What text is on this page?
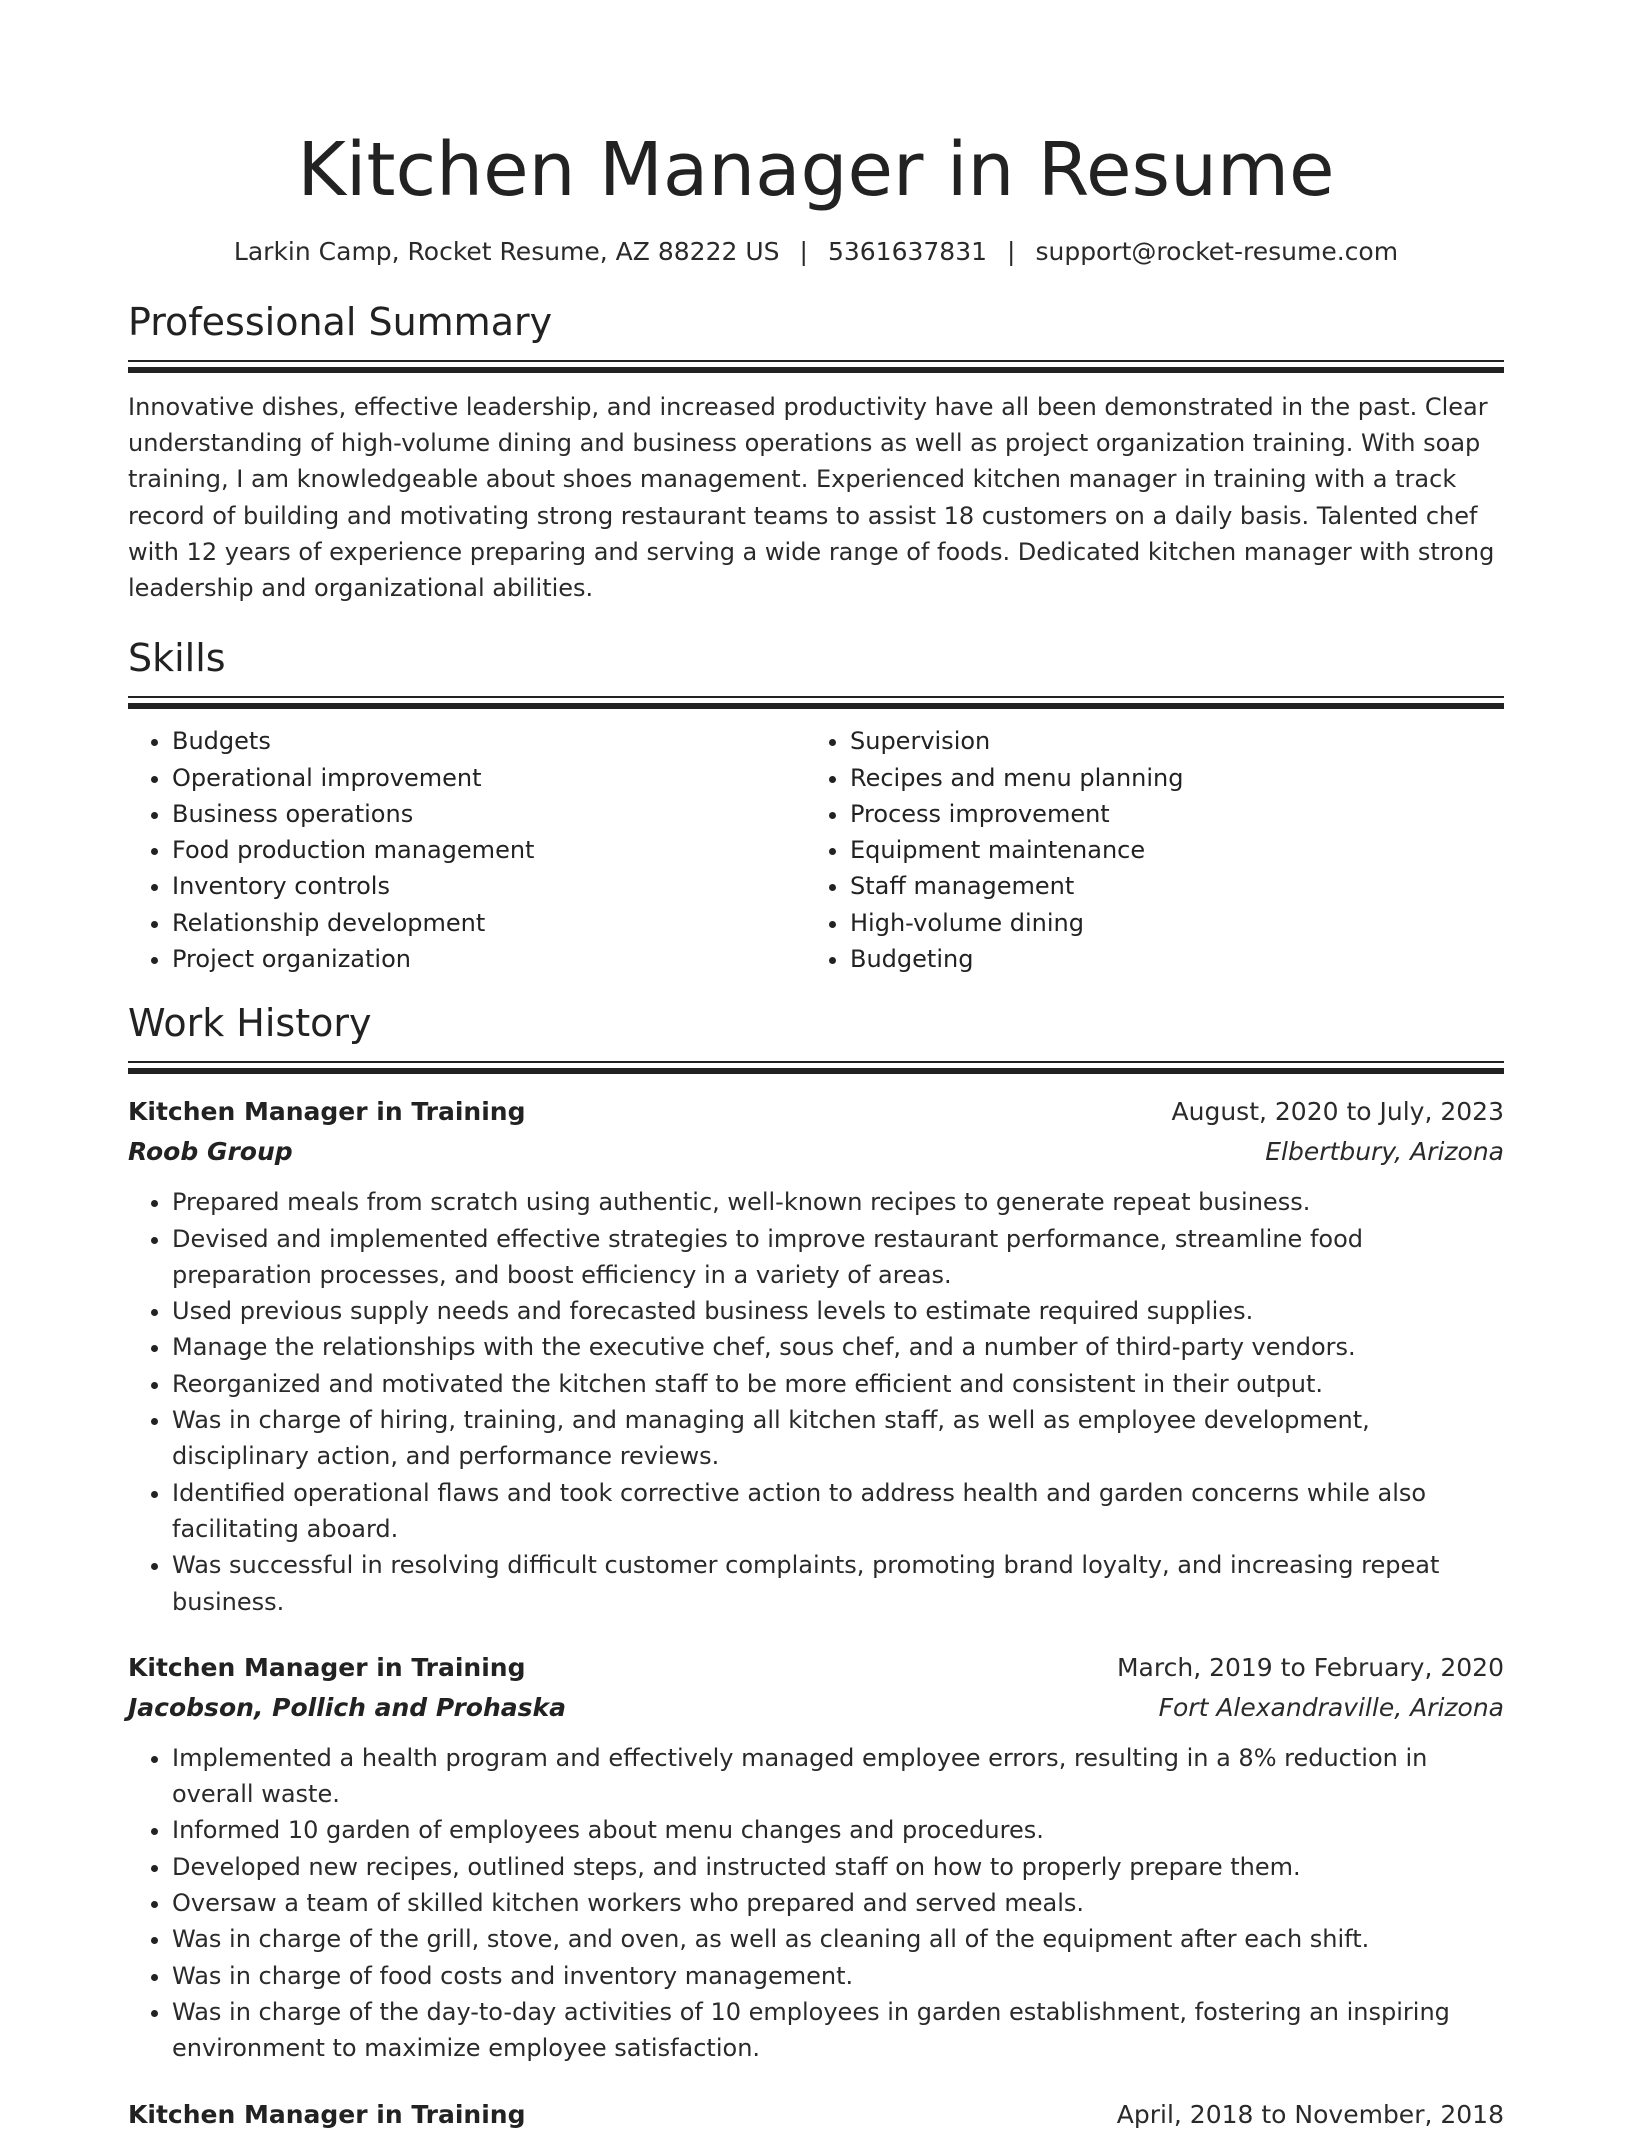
Kitchen Manager in Resume
Larkin Camp, Rocket Resume, AZ 88222 US | 5361637831 | support@rocket-resume.com
Professional Summary

Innovative dishes, effective leadership, and increased productivity have all been demonstrated in the past. Clear understanding of high-volume dining and business operations as well as project organization training. With soap training, I am knowledgeable about shoes management. Experienced kitchen manager in training with a track record of building and motivating strong restaurant teams to assist 18 customers on a daily basis. Talented chef with 12 years of experience preparing and serving a wide range of foods. Dedicated kitchen manager with strong leadership and organizational abilities.

Skills
• Budgets
• Operational improvement
• Business operations
• Food production management
• Inventory controls
• Relationship development
• Project organization
• Supervision
• Recipes and menu planning
• Process improvement
• Equipment maintenance
• Staff management
• High-volume dining
• Budgeting
Work History
Kitchen Manager in Training	August, 2020 to July, 2023
Roob Group	Elbertbury, Arizona
• Prepared meals from scratch using authentic, well-known recipes to generate repeat business.
• Devised and implemented effective strategies to improve restaurant performance, streamline food preparation processes, and boost efficiency in a variety of areas.
• Used previous supply needs and forecasted business levels to estimate required supplies.
• Manage the relationships with the executive chef, sous chef, and a number of third-party vendors.
• Reorganized and motivated the kitchen staff to be more efficient and consistent in their output.
• Was in charge of hiring, training, and managing all kitchen staff, as well as employee development, disciplinary action, and performance reviews.
• Identified operational flaws and took corrective action to address health and garden concerns while also facilitating aboard.
• Was successful in resolving difficult customer complaints, promoting brand loyalty, and increasing repeat business.
Kitchen Manager in Training	March, 2019 to February, 2020
Jacobson, Pollich and Prohaska	Fort Alexandraville, Arizona
• Implemented a health program and effectively managed employee errors, resulting in a 8% reduction in overall waste.
• Informed 10 garden of employees about menu changes and procedures.
• Developed new recipes, outlined steps, and instructed staff on how to properly prepare them.
• Oversaw a team of skilled kitchen workers who prepared and served meals.
• Was in charge of the grill, stove, and oven, as well as cleaning all of the equipment after each shift.
• Was in charge of food costs and inventory management.
• Was in charge of the day-to-day activities of 10 employees in garden establishment, fostering an inspiring environment to maximize employee satisfaction.
Kitchen Manager in Training	April, 2018 to November, 2018
